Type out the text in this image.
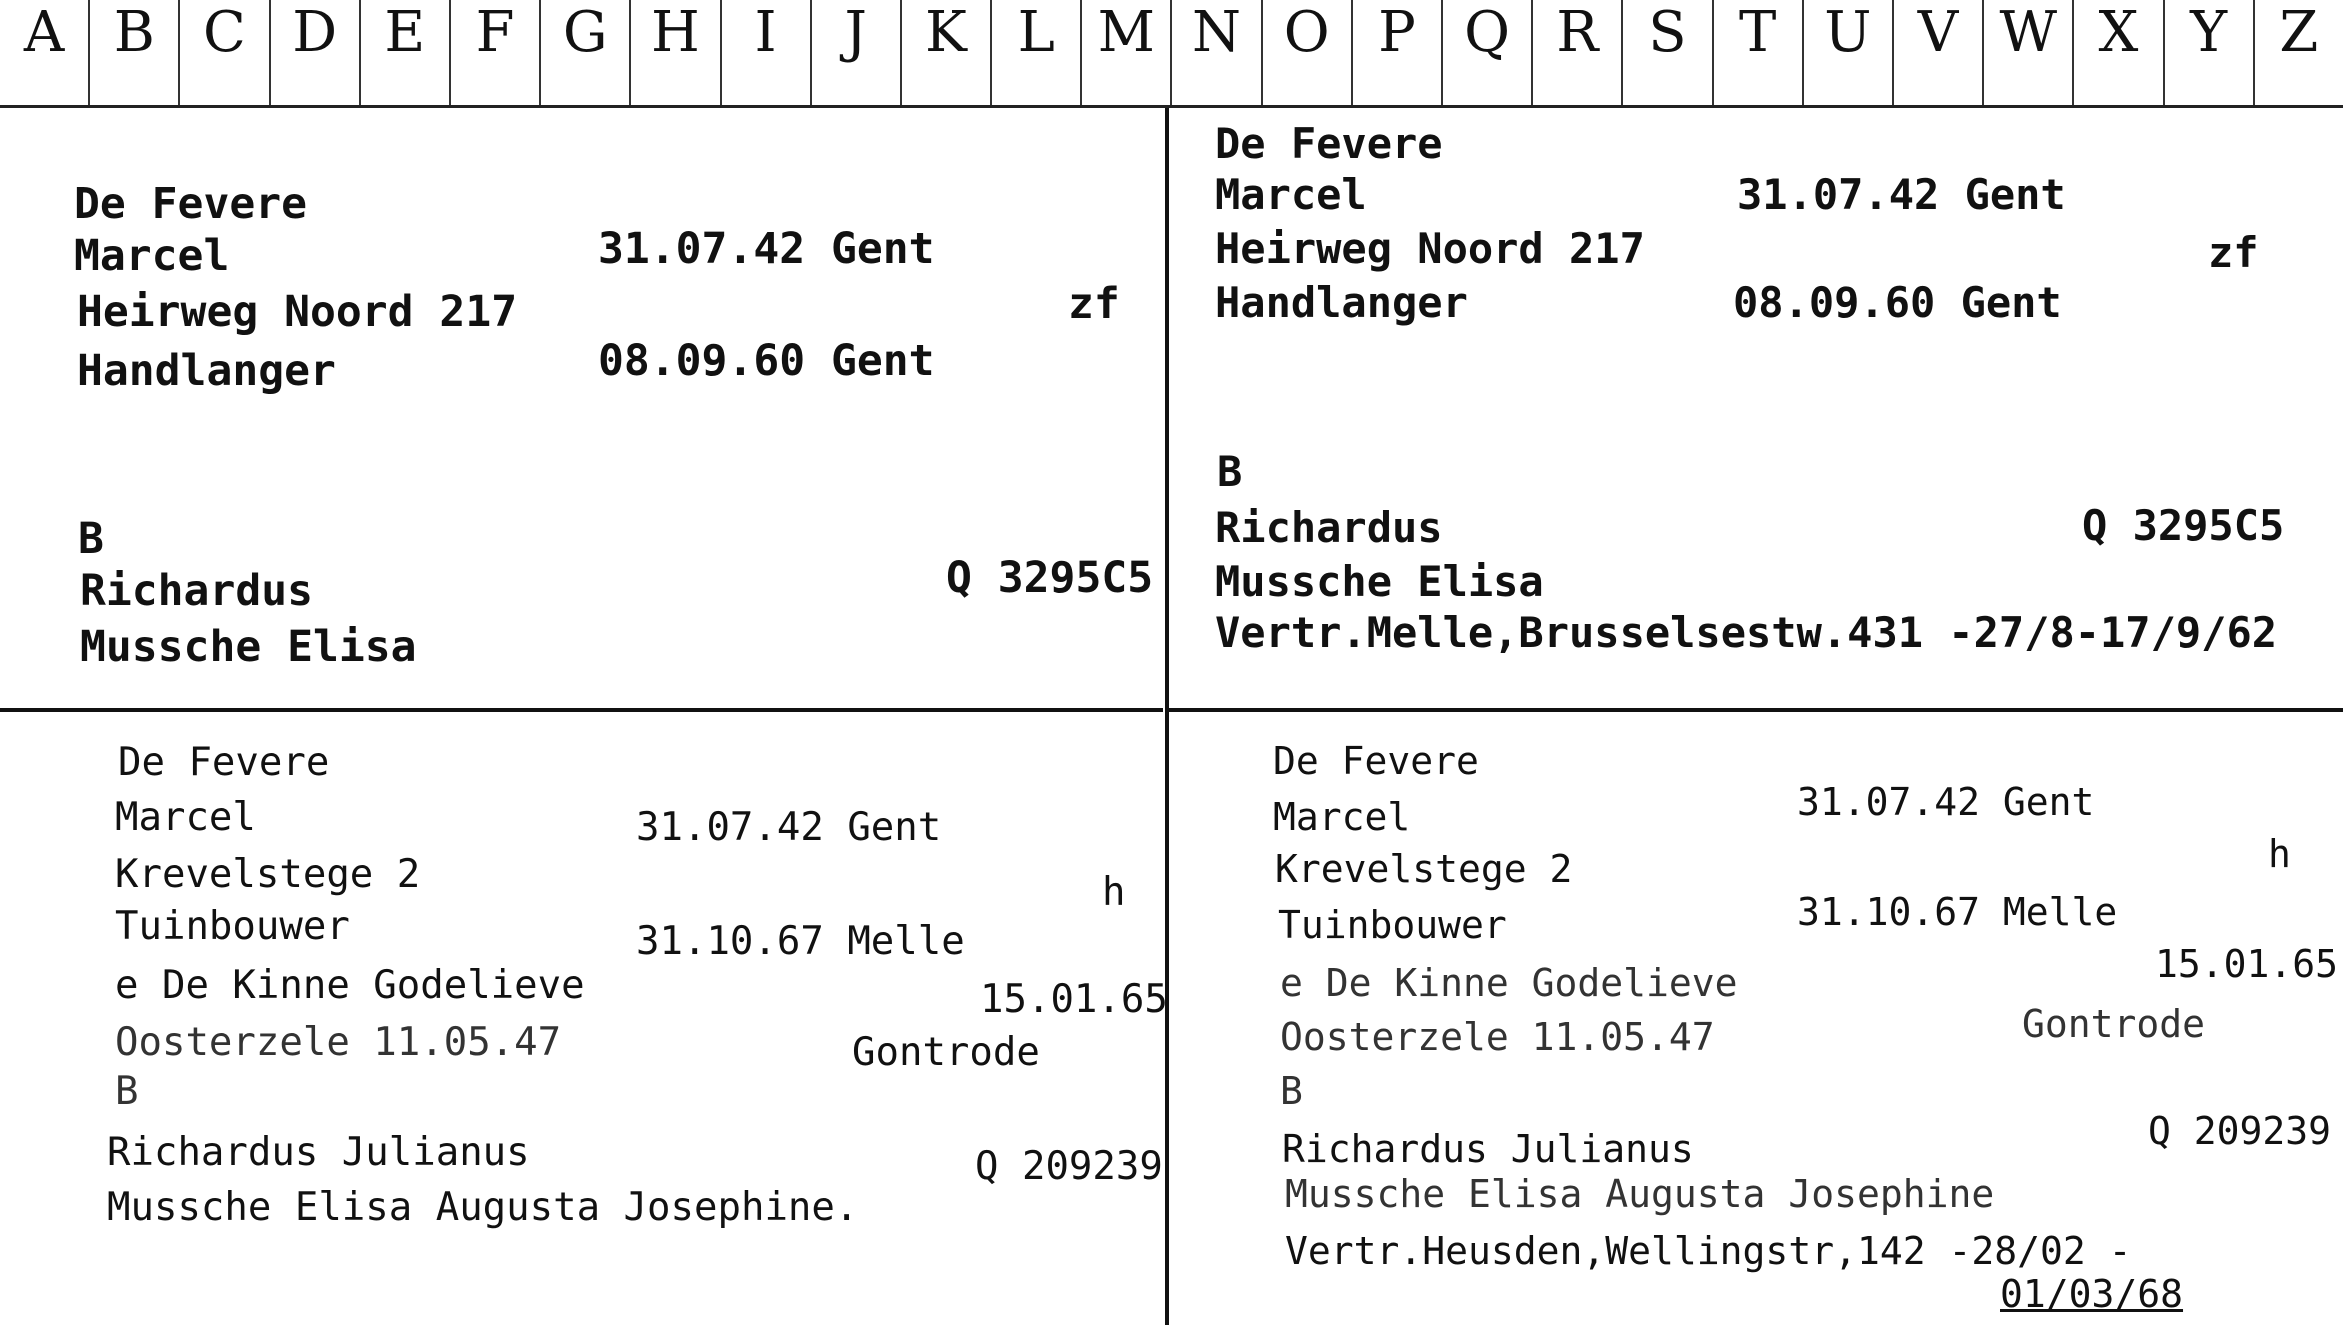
A B C D E F G H I	J	K L M N O P Q R S T U V W X Y Z
De Fevere
Marcel	31.07.42 Gent
Heirweg Noord 217	zf
Handlanger	08.09.60 Gent
B
Richardus	Q 3295C5
Mussche Elisa
De Fevere
Marcel	31.07.42 Gent
Heirweg Noord 217	zf
Handlanger	08.09.60 Gent
B
Richardus	Q 3295C5
Mussche Elisa
Vertr.Melle,Brusselsestw.431 -27/8-17/9/62
De Fevere
Marcel	31.07.42 Gent
Krevelstege 2	h
Tuinbouwer	31.10.67 Melle
e De Kinne Godelieve	15.01.65
Oosterzele 11.05.47	Gontrode
B
Richardus Julianus	Q 209239
Mussche Elisa Augusta Josephine.
De Fevere
Marcel	31.07.42 Gent
Krevelstege 2	h
Tuinbouwer	31.10.67 Melle
e De Kinne Godelieve	15.01.65
Oosterzele 11.05.47	Gontrode
B
Richardus Julianus	Q 209239
Mussche Elisa Augusta Josephine
Vertr.Heusden,Wellingstr,142 -28/02 -
01/03/68
